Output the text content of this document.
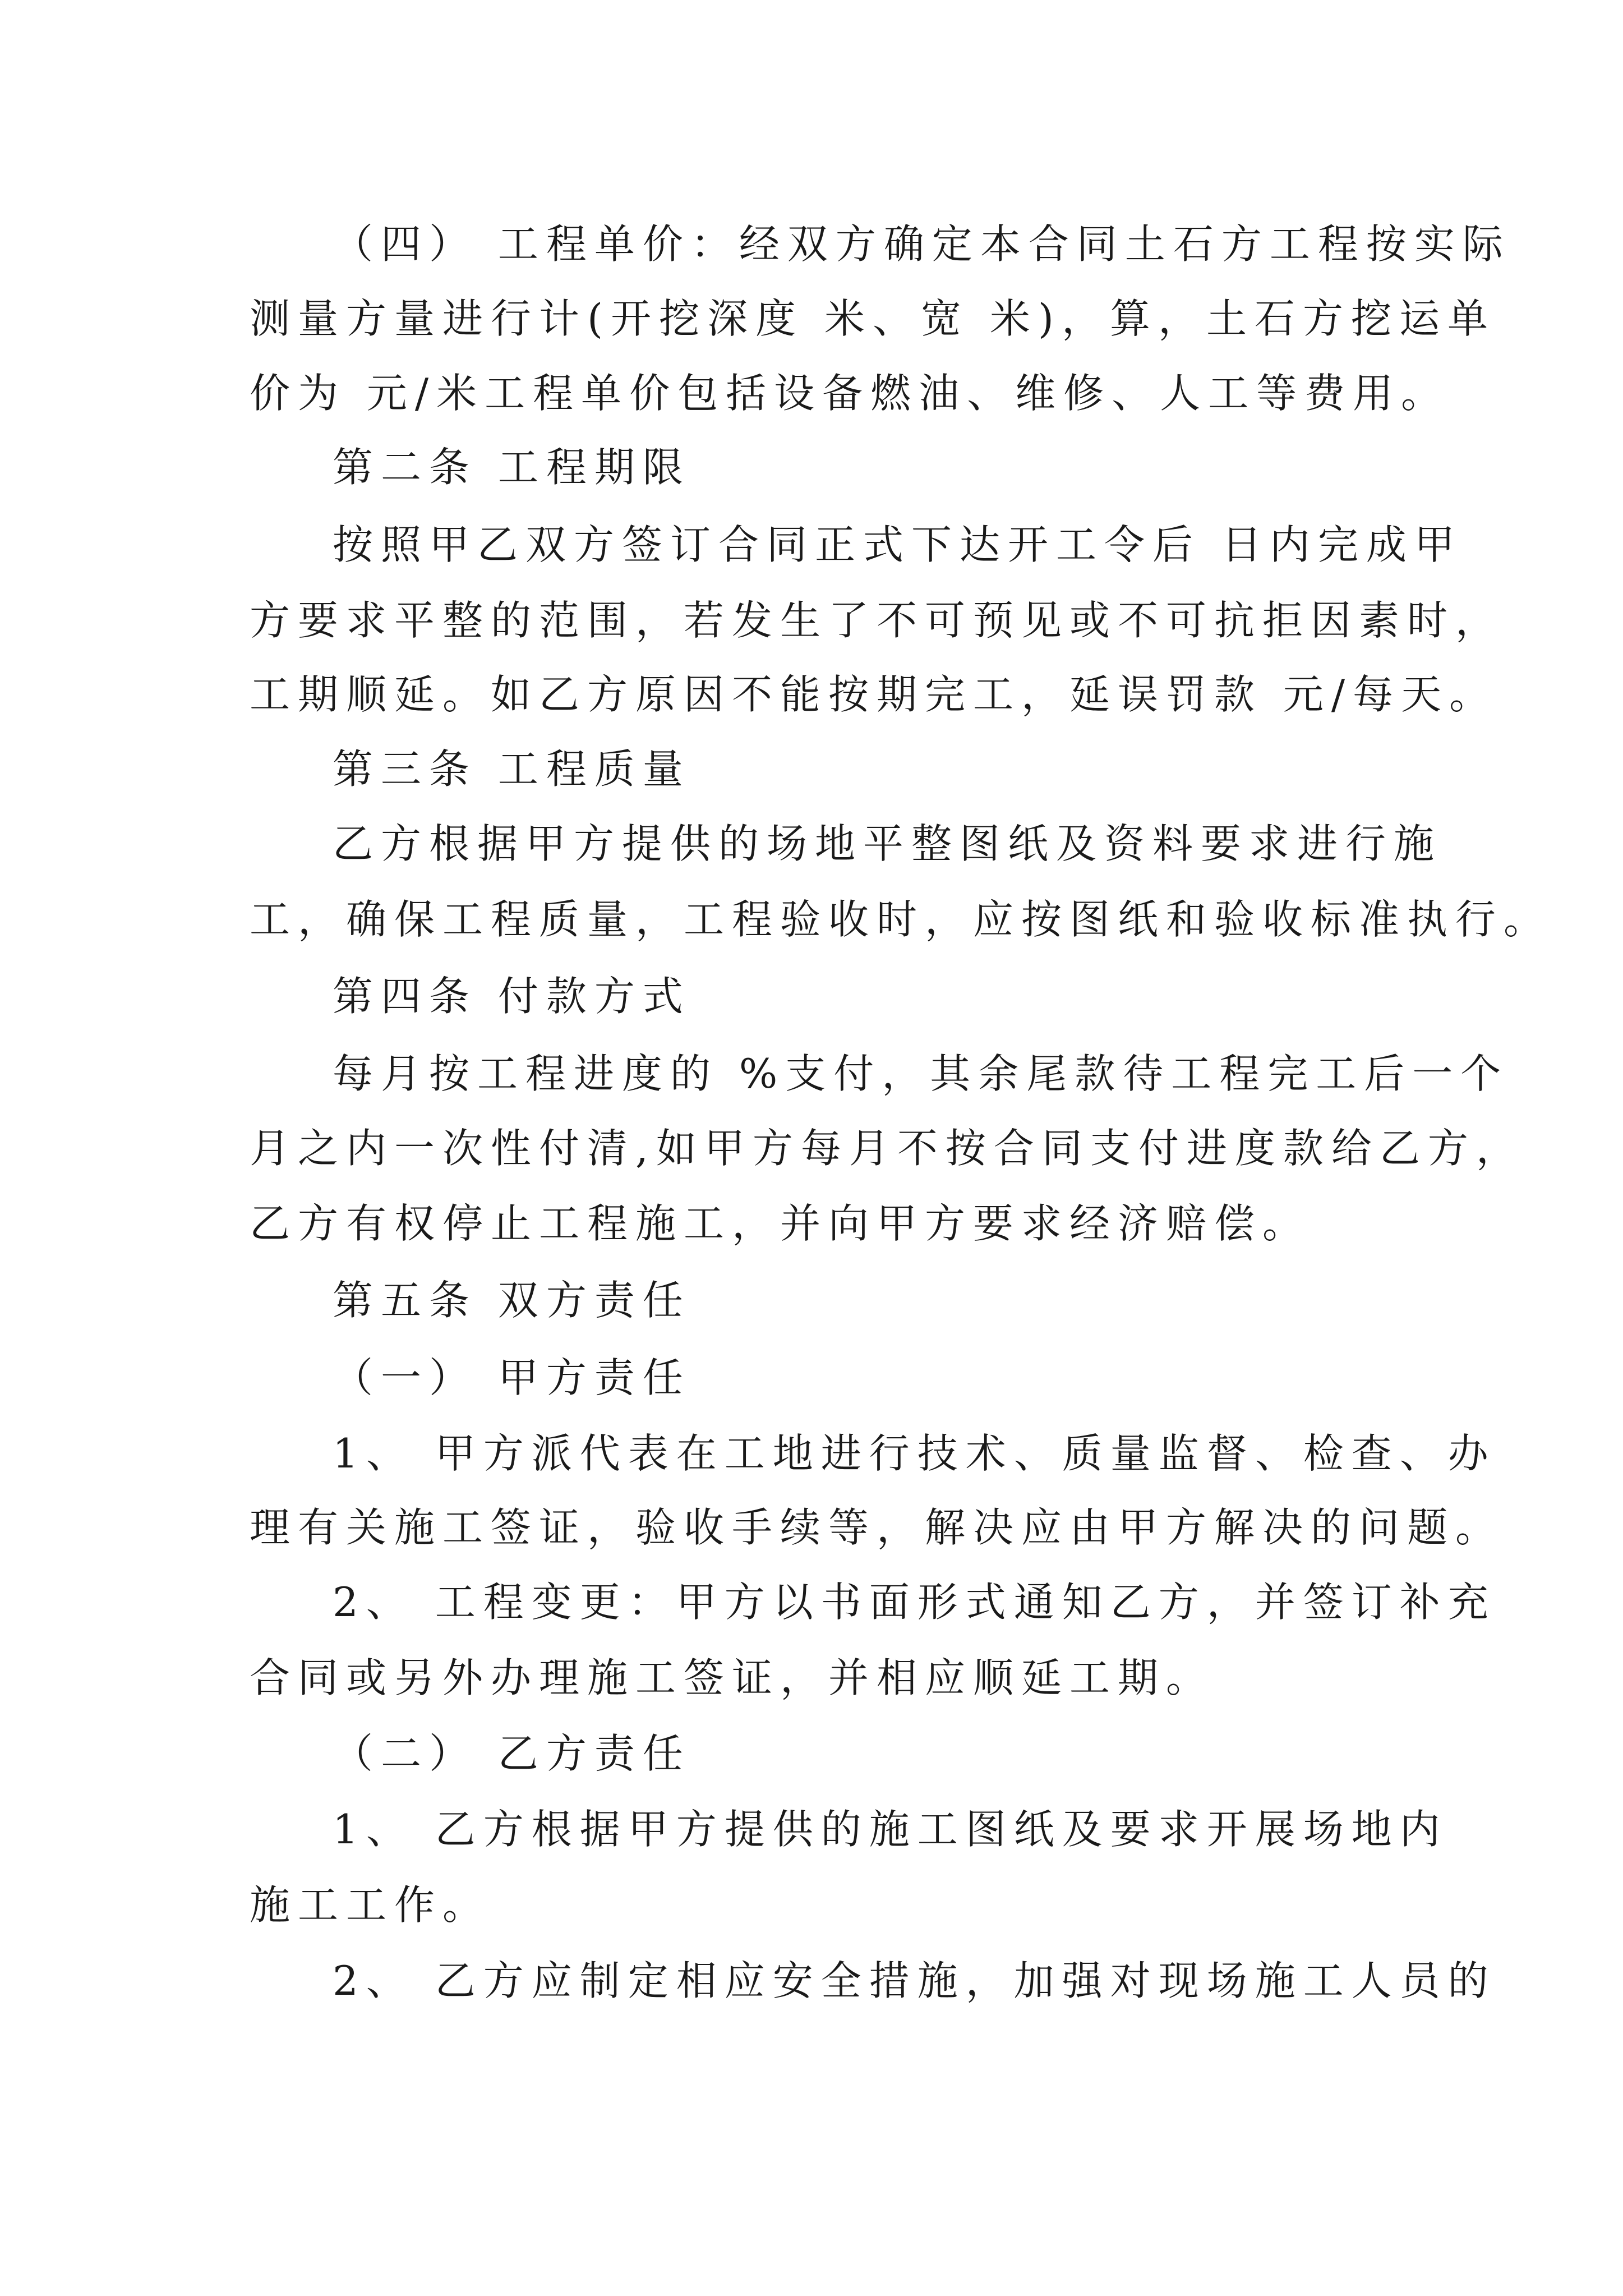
（四） 工程单价：经双方确定本合同土石方工程按实际

测量方量进行计(开挖深度 米、宽 米)，算，土石方挖运单

价为 元/米工程单价包括设备燃油、维修、人工等费用。

第二条 工程期限

按照甲乙双方签订合同正式下达开工令后 日内完成甲

方要求平整的范围，若发生了不可预见或不可抗拒因素时，

工期顺延。如乙方原因不能按期完工，延误罚款 元/每天。

第三条 工程质量

乙方根据甲方提供的场地平整图纸及资料要求进行施

工，确保工程质量，工程验收时，应按图纸和验收标准执行。

第四条 付款方式

每月按工程进度的 %支付，其余尾款待工程完工后一个

月之内一次性付清,如甲方每月不按合同支付进度款给乙方，

乙方有权停止工程施工，并向甲方要求经济赔偿。

第五条 双方责任

（一） 甲方责任

1、 甲方派代表在工地进行技术、质量监督、检查、办

理有关施工签证，验收手续等，解决应由甲方解决的问题。

2、 工程变更：甲方以书面形式通知乙方，并签订补充

合同或另外办理施工签证，并相应顺延工期。

（二） 乙方责任

1、 乙方根据甲方提供的施工图纸及要求开展场地内

施工工作。

2、 乙方应制定相应安全措施，加强对现场施工人员的
